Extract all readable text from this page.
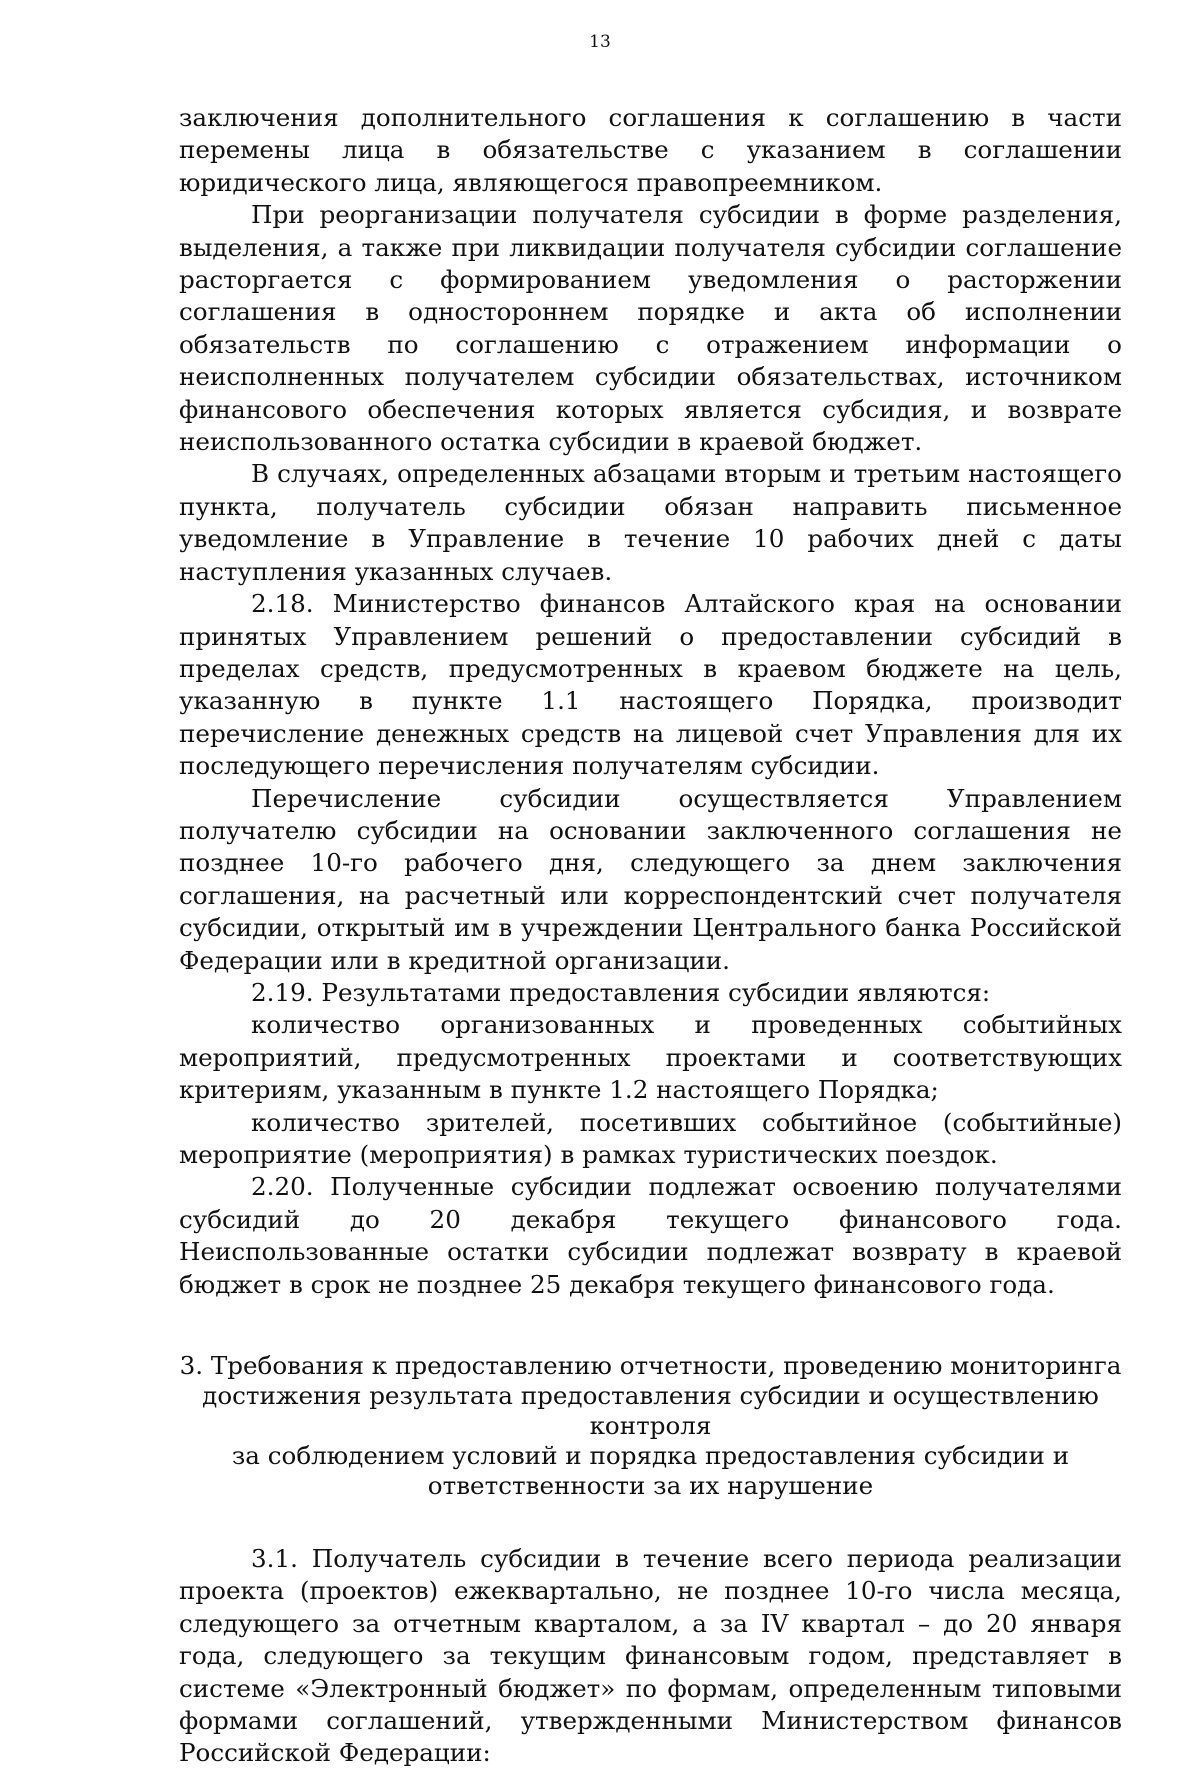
13

заключения дополнительного соглашения к соглашению в части перемены лица в обязательстве с указанием в соглашении юридического лица, являющегося правопреемником.

При реорганизации получателя субсидии в форме разделения, выделения, а также при ликвидации получателя субсидии соглашение расторгается с формированием уведомления о расторжении соглашения в одностороннем порядке и акта об исполнении обязательств по соглашению с отражением информации о неисполненных получателем субсидии обязательствах, источником финансового обеспечения которых является субсидия, и возврате неиспользованного остатка субсидии в краевой бюджет.

В случаях, определенных абзацами вторым и третьим настоящего пункта, получатель субсидии обязан направить письменное уведомление в Управление в течение 10 рабочих дней с даты наступления указанных случаев.

2.18. Министерство финансов Алтайского края на основании принятых Управлением решений о предоставлении субсидий в пределах средств, предусмотренных в краевом бюджете на цель, указанную в пункте 1.1 настоящего Порядка, производит перечисление денежных средств на лицевой счет Управления для их последующего перечисления получателям субсидии.

Перечисление субсидии осуществляется Управлением получателю субсидии на основании заключенного соглашения не позднее 10-го рабочего дня, следующего за днем заключения соглашения, на расчетный или корреспондентский счет получателя субсидии, открытый им в учреждении Центрального банка Российской Федерации или в кредитной организации.

2.19. Результатами предоставления субсидии являются:

количество организованных и проведенных событийных мероприятий, предусмотренных проектами и соответствующих критериям, указанным в пункте 1.2 настоящего Порядка;

количество зрителей, посетивших событийное (событийные) мероприятие (мероприятия) в рамках туристических поездок.

2.20. Полученные субсидии подлежат освоению получателями субсидий до 20 декабря текущего финансового года. Неиспользованные остатки субсидии подлежат возврату в краевой бюджет в срок не позднее 25 декабря текущего финансового года.

3. Требования к предоставлению отчетности, проведению мониторинга
достижения результата предоставления субсидии и осуществлению контроля
за соблюдением условий и порядка предоставления субсидии и
ответственности за их нарушение

3.1. Получатель субсидии в течение всего периода реализации проекта (проектов) ежеквартально, не позднее 10-го числа месяца, следующего за отчетным кварталом, а за IV квартал – до 20 января года, следующего за текущим финансовым годом, представляет в системе «Электронный бюджет» по формам, определенным типовыми формами соглашений, утвержденными Министерством финансов Российской Федерации:
